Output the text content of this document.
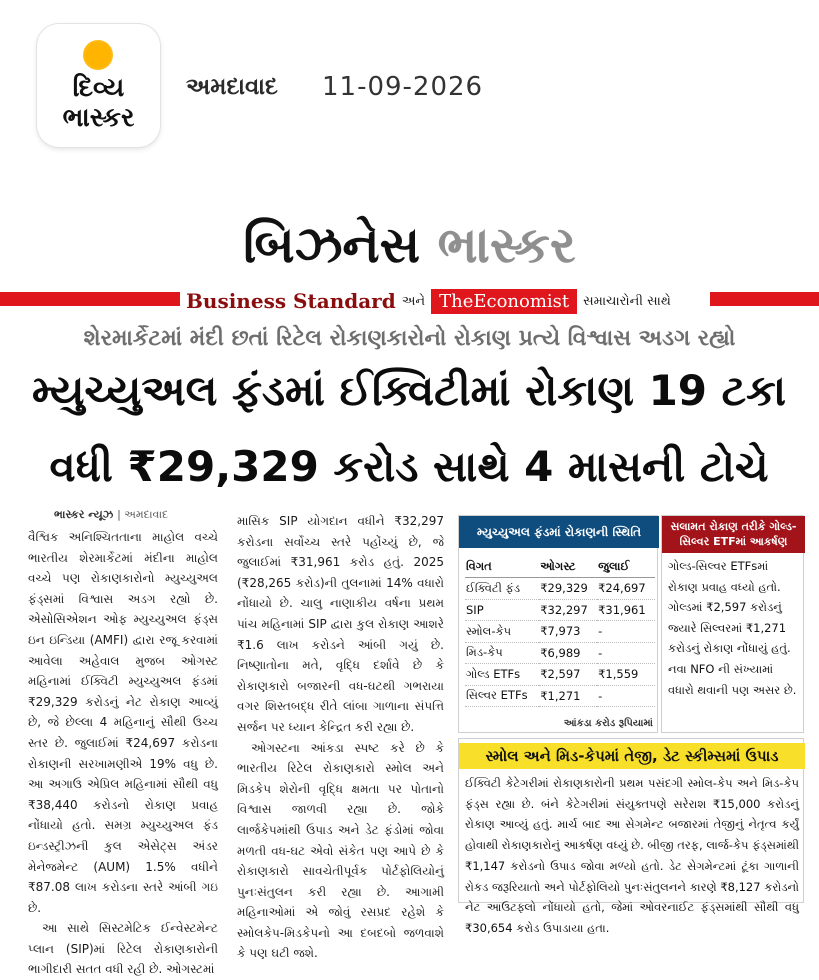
દિવ્ય
ભાસ્કર
અમદાવાદ 11-09-2026
બિઝનેસ ભાસ્કર
Business Standard અને TheEconomist	સમાચારોની સાથે
શેરમાર્કેટમાં મંદી છતાં રિટેલ રોકાણકારોનો રોકાણ પ્રત્યે વિશ્વાસ અડગ રહ્યો
મ્યુચ્યુઅલ ફંડમાં ઈક્વિટીમાં રોકાણ 19 ટકા
વધી ₹29,329 કરોડ સાથે 4 માસની ટોચે
ભાસ્કર ન્યૂઝ | અમદાવાદ

વૈશ્વિક અનિશ્ચિતતાના માહોલ વચ્ચે ભારતીય શેરમાર્કેટમાં મંદીના માહોલ વચ્ચે પણ રોકાણકારોનો મ્યુચ્યુઅલ ફંડ્સમાં વિશ્વાસ અડગ રહ્યો છે. એસોસિએશન ઓફ મ્યુચ્યુઅલ ફંડ્સ ઇન ઇન્ડિયા (AMFI) દ્વારા રજૂ કરવામાં આવેલા અહેવાલ મુજબ ઓગસ્ટ મહિનામાં ઈક્વિટી મ્યુચ્યુઅલ ફંડમાં ₹29,329 કરોડનું નેટ રોકાણ આવ્યું છે, જે છેલ્લા 4 મહિનાનું સૌથી ઉચ્ચ સ્તર છે. જુલાઈમાં ₹24,697 કરોડના રોકાણની સરખામણીએ 19% વધુ છે. આ અગાઉ એપ્રિલ મહિનામાં સૌથી વધુ ₹38,440 કરોડનો રોકાણ પ્રવાહ નોંધાયો હતો. સમગ્ર મ્યુચ્યુઅલ ફંડ ઇન્ડસ્ટ્રીઝની કુલ એસેટ્સ અંડર મેનેજમેન્ટ (AUM) 1.5% વધીને ₹87.08 લાખ કરોડના સ્તરે આંબી ગઇ છે.

આ સાથે સિસ્ટમેટિક ઈન્વેસ્ટમેન્ટ પ્લાન (SIP)માં રિટેલ રોકાણકારોની ભાગીદારી સતત વધી રહી છે. ઓગસ્ટમાં

માસિક SIP યોગદાન વધીને ₹32,297 કરોડના સર્વોચ્ચ સ્તરે પહોંચ્યું છે, જે જુલાઈમાં ₹31,961 કરોડ હતું. 2025 (₹28,265 કરોડ)ની તુલનામાં 14% વધારો નોંધાયો છે. ચાલુ નાણાકીય વર્ષના પ્રથમ પાંચ મહિનામાં SIP દ્વારા કુલ રોકાણ આશરે ₹1.6 લાખ કરોડને આંબી ગયું છે. નિષ્ણાતોના મતે, વૃદ્ધિ દર્શાવે છે કે રોકાણકારો બજારની વધ-ઘટથી ગભરાયા વગર શિસ્તબદ્ધ રીતે લાંબા ગાળાના સંપત્તિ સર્જન પર ધ્યાન કેન્દ્રિત કરી રહ્યા છે.

ઓગસ્ટના આંકડા સ્પષ્ટ કરે છે કે ભારતીય રિટેલ રોકાણકારો સ્મોલ અને મિડકેપ શેરોની વૃદ્ધિ ક્ષમતા પર પોતાનો વિશ્વાસ જાળવી રહ્યા છે. જોકે લાર્જકેપમાંથી ઉપાડ અને ડેટ ફંડોમાં જોવા મળતી વધ-ઘટ એવો સંકેત પણ આપે છે કે રોકાણકારો સાવચેતીપૂર્વક પોર્ટફોલિયોનું પુનઃસંતુલન કરી રહ્યા છે. આગામી મહિનાઓમાં એ જોવું રસપ્રદ રહેશે કે સ્મોલકેપ-મિડકેપનો આ દબદબો જળવાશે કે પણ ઘટી જશે.

મ્યુચ્યુઅલ ફંડમાં રોકાણની સ્થિતિ
વિગત	ઓગસ્ટ	જુલાઈ
ઈક્વિટી ફંડ	₹29,329	₹24,697
SIP	₹32,297	₹31,961
સ્મોલ-કેપ	₹7,973	-
મિડ-કેપ	₹6,989	-
ગોલ્ડ ETFs	₹2,597	₹1,559
સિલ્વર ETFs	₹1,271	-
આંકડા કરોડ રૂપિયામાં
સલામત રોકાણ તરીકે ગોલ્ડ-સિલ્વર ETFમાં આકર્ષણ
ગોલ્ડ-સિલ્વર ETFsમાં રોકાણ પ્રવાહ વધ્યો હતો. ગોલ્ડમાં ₹2,597 કરોડનું જ્યારે સિલ્વરમાં ₹1,271 કરોડનું રોકાણ નોંધાયું હતું. નવા NFO ની સંખ્યામાં વધારો થવાની પણ અસર છે.
સ્મોલ અને મિડ-કેપમાં તેજી, ડેટ સ્કીમ્સમાં ઉપાડ
ઈક્વિટી કેટેગરીમાં રોકાણકારોની પ્રથમ પસંદગી સ્મોલ-કેપ અને મિડ-કેપ ફંડ્સ રહ્યા છે. બંને કેટેગરીમાં સંયુક્તપણે સરેરાશ ₹15,000 કરોડનું રોકાણ આવ્યું હતું. માર્ચ બાદ આ સેગમેન્ટ બજારમાં તેજીનું નેતૃત્વ કર્યું હોવાથી રોકાણકારોનું આકર્ષણ વધ્યું છે. બીજી તરફ, લાર્જ-કેપ ફંડ્સમાંથી ₹1,147 કરોડનો ઉપાડ જોવા મળ્યો હતો. ડેટ સેગમેન્ટમાં ટૂંકા ગાળાની રોકડ જરૂરિયાતો અને પોર્ટફોલિયો પુનઃસંતુલનને કારણે ₹8,127 કરોડનો નેટ આઉટફ્લો નોંધાયો હતો, જેમાં ઓવરનાઈટ ફંડ્સમાંથી સૌથી વધુ ₹30,654 કરોડ ઉપાડાયા હતા.
